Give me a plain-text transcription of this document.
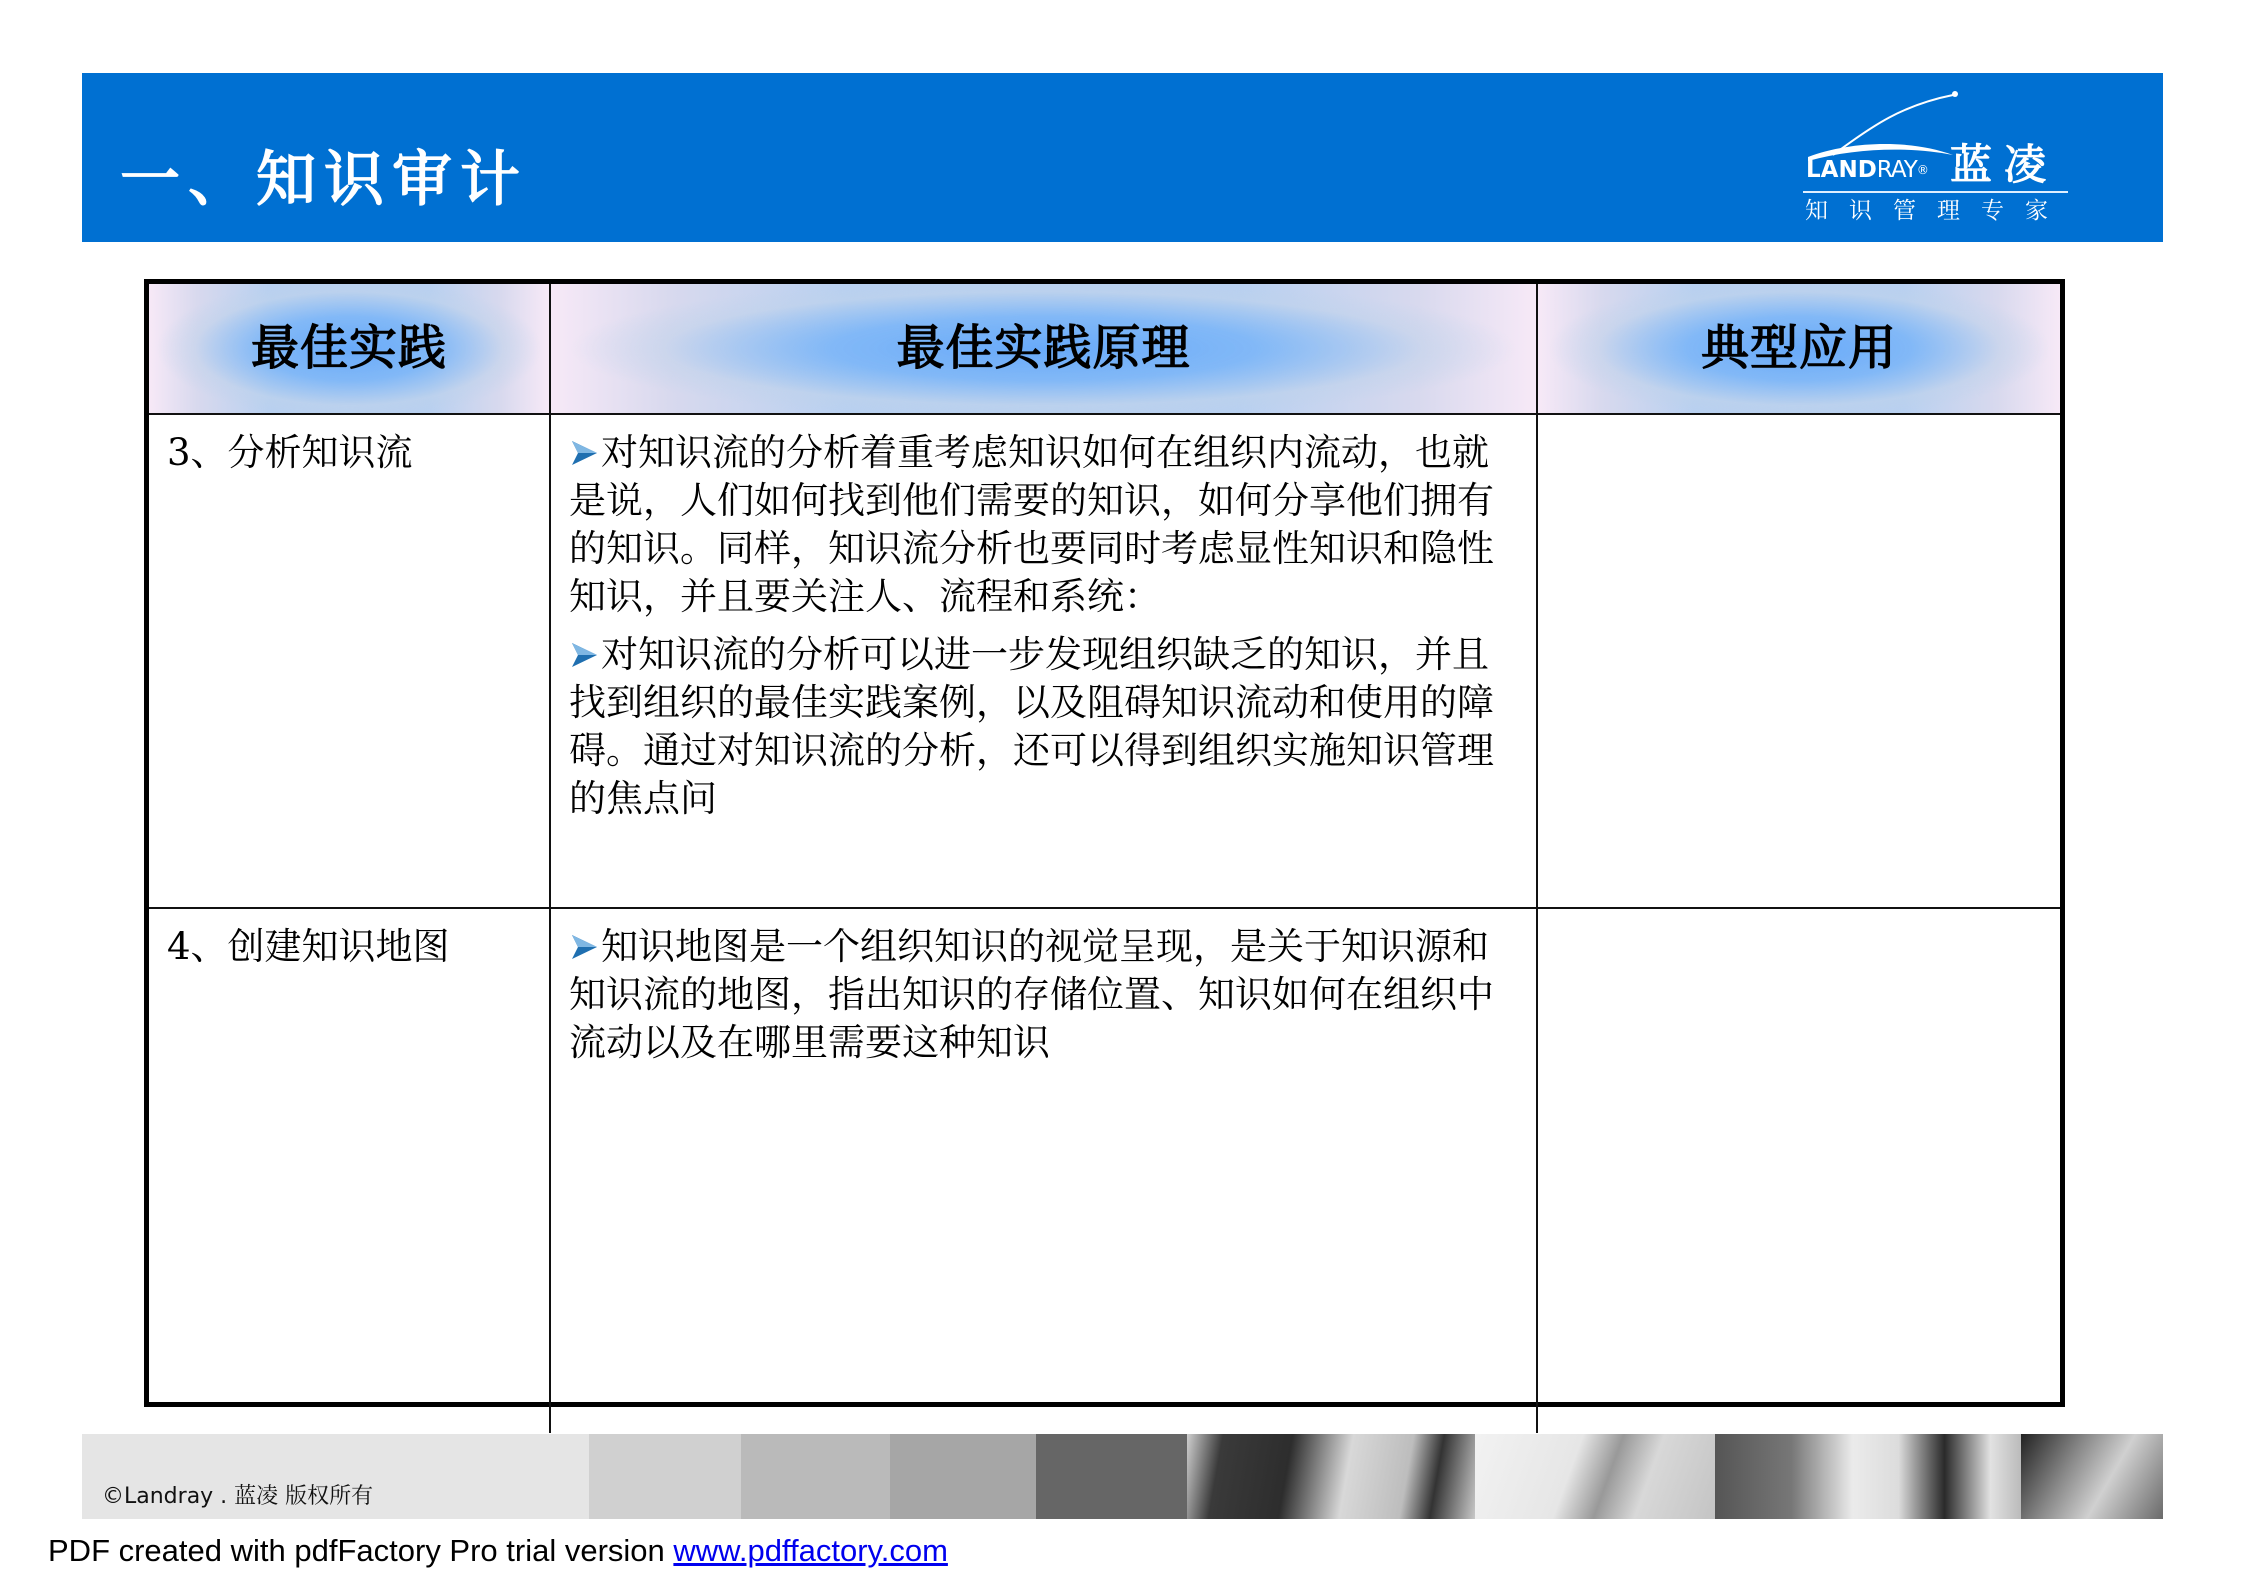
一、知识审计	LANDRAY® 蓝凌
知识管理专家
最佳实践	最佳实践原理	典型应用
3、分析知识流	对知识流的分析着重考虑知识如何在组织内流动，也就是说，人们如何找到他们需要的知识，如何分享他们拥有的知识。同样，知识流分析也要同时考虑显性知识和隐性知识，并且要关注人、流程和系统：

对知识流的分析可以进一步发现组织缺乏的知识，并且找到组织的最佳实践案例，以及阻碍知识流动和使用的障碍。通过对知识流的分析，还可以得到组织实施知识管理的焦点问	

4、创建知识地图	知识地图是一个组织知识的视觉呈现，是关于知识源和知识流的地图，指出知识的存储位置、知识如何在组织中流动以及在哪里需要这种知识	

©Landray . 蓝凌 版权所有
PDF created with pdfFactory Pro trial version www.pdffactory.com
